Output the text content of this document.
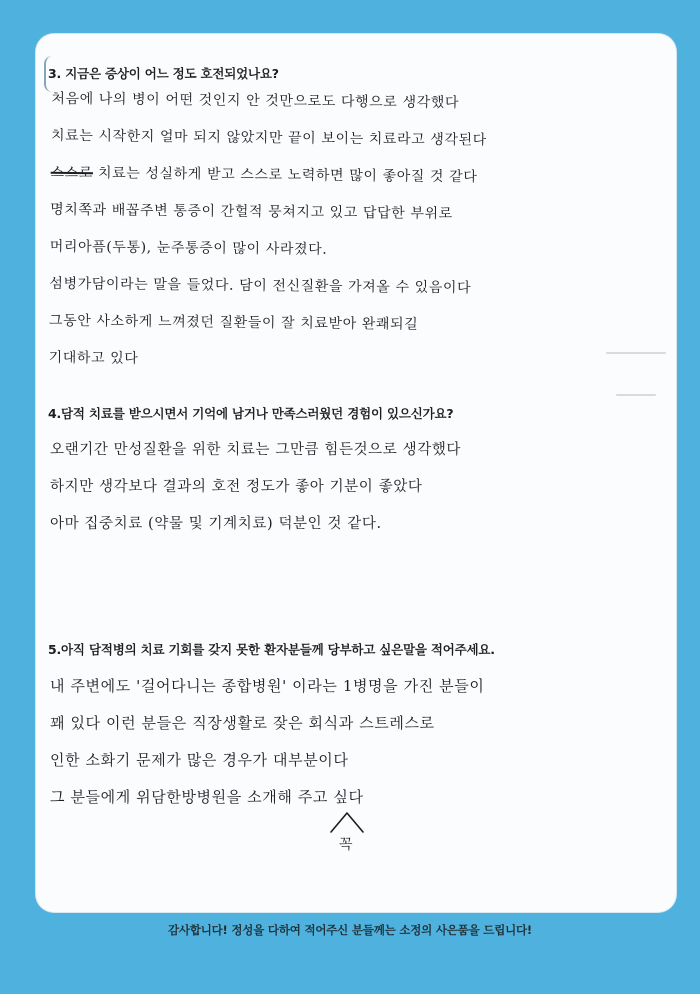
3. 지금은 증상이 어느 정도 호전되었나요?
처음에 나의 병이 어떤 것인지 안 것만으로도 다행으로 생각했다
치료는 시작한지 얼마 되지 않았지만 끝이 보이는 치료라고 생각된다
스스로 치료는 성실하게 받고 스스로 노력하면 많이 좋아질 것 같다
명치쪽과 배꼽주변 통증이 간헐적 뭉쳐지고 있고 답답한 부위로
머리아픔(두통), 눈주통증이 많이 사라졌다.
섬병가담이라는 말을 들었다. 담이 전신질환을 가져올 수 있음이다
그동안 사소하게 느껴졌던 질환들이 잘 치료받아 완쾌되길
기대하고 있다
4.담적 치료를 받으시면서 기억에 남거나 만족스러웠던 경험이 있으신가요?
오랜기간 만성질환을 위한 치료는 그만큼 힘든것으로 생각했다
하지만 생각보다 결과의 호전 정도가 좋아 기분이 좋았다
아마 집중치료 (약물 및 기계치료) 덕분인 것 같다.
5.아직 담적병의 치료 기회를 갖지 못한 환자분들께 당부하고 싶은말을 적어주세요.
내 주변에도 '걸어다니는 종합병원' 이라는 1병명을 가진 분들이
꽤 있다 이런 분들은 직장생활로 잦은 회식과 스트레스로
인한 소화기 문제가 많은 경우가 대부분이다
그 분들에게 위담한방병원을 소개해 주고 싶다
꼭
감사합니다! 정성을 다하여 적어주신 분들께는 소정의 사은품을 드립니다!
